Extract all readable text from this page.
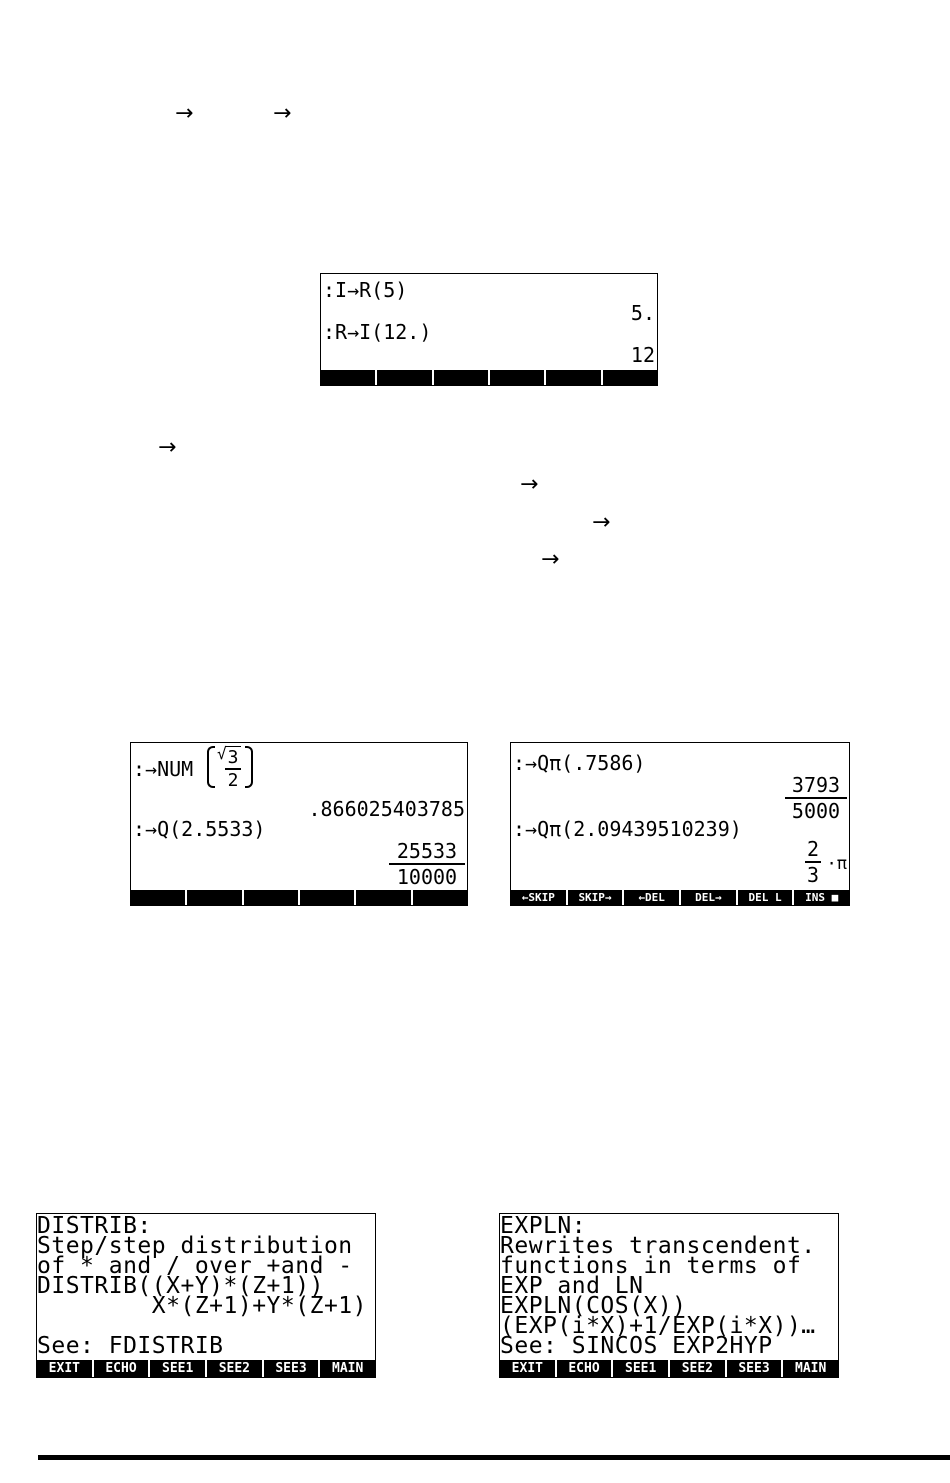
→	→
→
→
→
→
:I→R(5)
5.
:R→I(12.)
12
:→NUM
√
$\frac{3}{2}$
.866025403785
:→Q(2.5533)
$\frac{25533}{10000}$
:→Qπ(.7586)
$\frac{3793}{5000}$
:→Qπ(2.09439510239)
$\frac{2}{3} \cdot\pi$
←SKIP	SKIP→	←DEL	DEL→	DEL L	INS ■
DISTRIB:
Step/step distribution
of * and / over +and -
DISTRIB((X+Y)*(Z+1))
X*(Z+1)+Y*(Z+1)
See: FDISTRIB
EXIT	ECHO	SEE1	SEE2	SEE3	MAIN
EXPLN:
Rewrites transcendent.
functions in terms of
EXP and LN
EXPLN(COS(X))
(EXP(i*X)+1/EXP(i*X))…
See: SINCOS EXP2HYP
EXIT	ECHO	SEE1	SEE2	SEE3	MAIN
